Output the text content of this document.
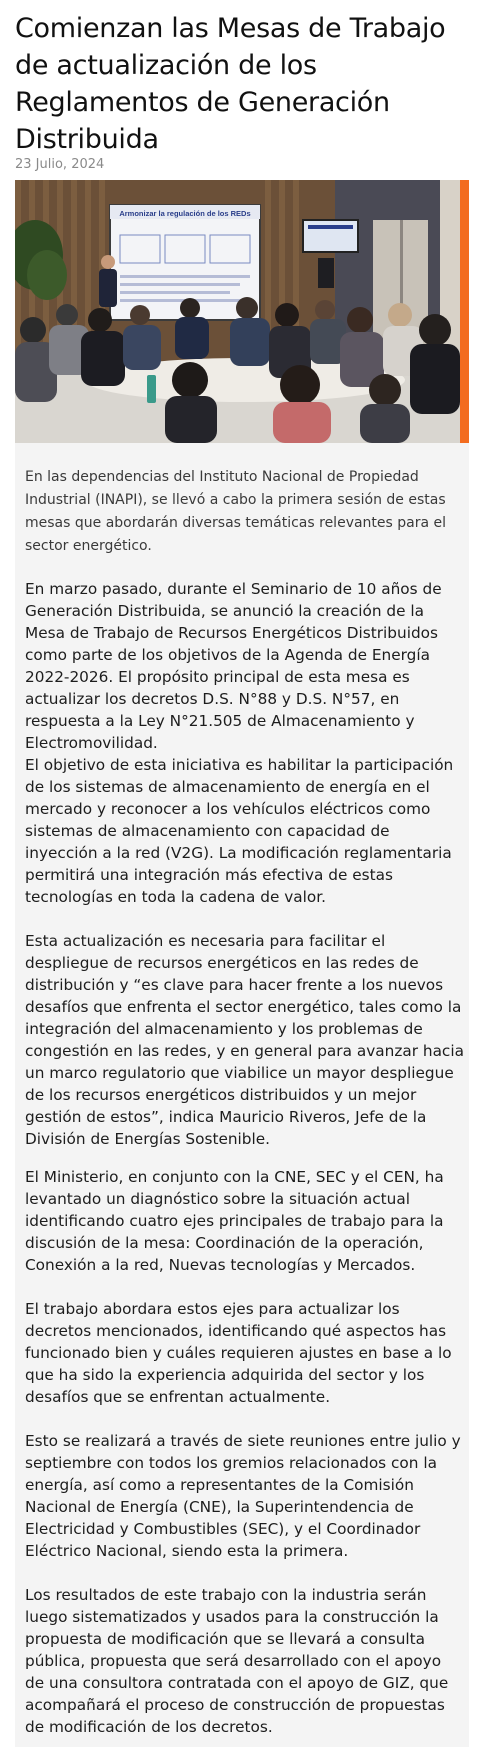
Comienzan las Mesas de Trabajo de actualización de los Reglamentos de Generación Distribuida

23 Julio, 2024

Armonizar la regulación de los REDs

En las dependencias del Instituto Nacional de Propiedad Industrial (INAPI), se llevó a cabo la primera sesión de estas mesas que abordarán diversas temáticas relevantes para el sector energético.

En marzo pasado, durante el Seminario de 10 años de Generación Distribuida, se anunció la creación de la Mesa de Trabajo de Recursos Energéticos Distribuidos como parte de los objetivos de la Agenda de Energía 2022-2026. El propósito principal de esta mesa es actualizar los decretos D.S. N°88 y D.S. N°57, en respuesta a la Ley N°21.505 de Almacenamiento y Electromovilidad.

El objetivo de esta iniciativa es habilitar la participación de los sistemas de almacenamiento de energía en el mercado y reconocer a los vehículos eléctricos como sistemas de almacenamiento con capacidad de inyección a la red (V2G). La modificación reglamentaria permitirá una integración más efectiva de estas tecnologías en toda la cadena de valor.

Esta actualización es necesaria para facilitar el despliegue de recursos energéticos en las redes de distribución y “es clave para hacer frente a los nuevos desafíos que enfrenta el sector energético, tales como la integración del almacenamiento y los problemas de congestión en las redes, y en general para avanzar hacia un marco regulatorio que viabilice un mayor despliegue de los recursos energéticos distribuidos y un mejor gestión de estos”, indica Mauricio Riveros, Jefe de la División de Energías Sostenible.

El Ministerio, en conjunto con la CNE, SEC y el CEN, ha levantado un diagnóstico sobre la situación actual identificando cuatro ejes principales de trabajo para la discusión de la mesa: Coordinación de la operación, Conexión a la red, Nuevas tecnologías y Mercados.

El trabajo abordara estos ejes para actualizar los decretos mencionados, identificando qué aspectos has funcionado bien y cuáles requieren ajustes en base a lo que ha sido la experiencia adquirida del sector y los desafíos que se enfrentan actualmente.

Esto se realizará a través de siete reuniones entre julio y septiembre con todos los gremios relacionados con la energía, así como a representantes de la Comisión Nacional de Energía (CNE), la Superintendencia de Electricidad y Combustibles (SEC), y el Coordinador Eléctrico Nacional, siendo esta la primera.

Los resultados de este trabajo con la industria serán luego sistematizados y usados para la construcción la propuesta de modificación que se llevará a consulta pública, propuesta que será desarrollado con el apoyo de una consultora contratada con el apoyo de GIZ, que acompañará el proceso de construcción de propuestas de modificación de los decretos.
